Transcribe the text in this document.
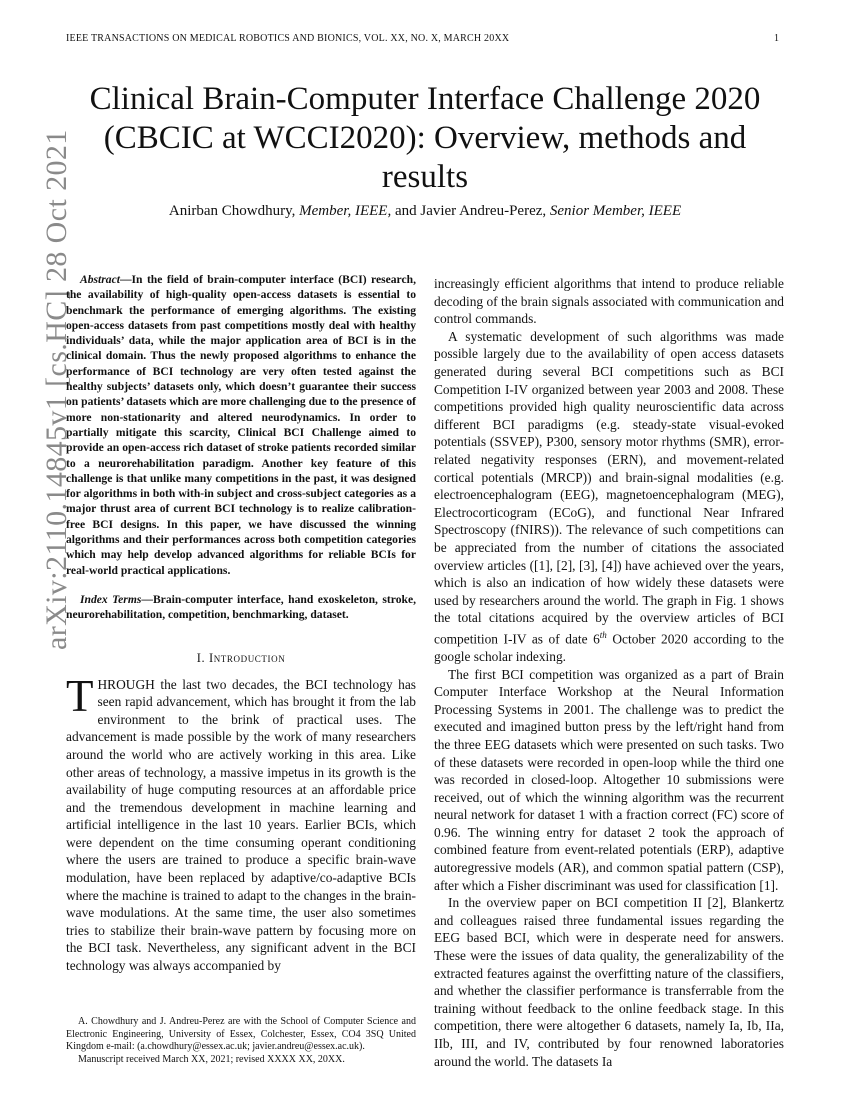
IEEE TRANSACTIONS ON MEDICAL ROBOTICS AND BIONICS, VOL. XX, NO. X, MARCH 20XX	1
arXiv:2110.14845v1 [cs.HC] 28 Oct 2021
Clinical Brain-Computer Interface Challenge 2020 (CBCIC at WCCI2020): Overview, methods and results
Anirban Chowdhury, Member, IEEE, and Javier Andreu-Perez, Senior Member, IEEE
Abstract—In the field of brain-computer interface (BCI) research, the availability of high-quality open-access datasets is essential to benchmark the performance of emerging algorithms. The existing open-access datasets from past competitions mostly deal with healthy individuals’ data, while the major application area of BCI is in the clinical domain. Thus the newly proposed algorithms to enhance the performance of BCI technology are very often tested against the healthy subjects’ datasets only, which doesn’t guarantee their success on patients’ datasets which are more challenging due to the presence of more non-stationarity and altered neurodynamics. In order to partially mitigate this scarcity, Clinical BCI Challenge aimed to provide an open-access rich dataset of stroke patients recorded similar to a neurorehabilitation paradigm. Another key feature of this challenge is that unlike many competitions in the past, it was designed for algorithms in both with-in subject and cross-subject categories as a major thrust area of current BCI technology is to realize calibration-free BCI designs. In this paper, we have discussed the winning algorithms and their performances across both competition categories which may help develop advanced algorithms for reliable BCIs for real-world practical applications.
Index Terms—Brain-computer interface, hand exoskeleton, stroke, neurorehabilitation, competition, benchmarking, dataset.
I. Introduction

THROUGH the last two decades, the BCI technology has seen rapid advancement, which has brought it from the lab environment to the brink of practical uses. The advancement is made possible by the work of many researchers around the world who are actively working in this area. Like other areas of technology, a massive impetus in its growth is the availability of huge computing resources at an affordable price and the tremendous development in machine learning and artificial intelligence in the last 10 years. Earlier BCIs, which were dependent on the time consuming operant conditioning where the users are trained to produce a specific brain-wave modulation, have been replaced by adaptive/co-adaptive BCIs where the machine is trained to adapt to the changes in the brain-wave modulations. At the same time, the user also sometimes tries to stabilize their brain-wave pattern by focusing more on the BCI task. Nevertheless, any significant advent in the BCI technology was always accompanied by

A. Chowdhury and J. Andreu-Perez are with the School of Computer Science and Electronic Engineering, University of Essex, Colchester, Essex, CO4 3SQ United Kingdom e-mail: (a.chowdhury@essex.ac.uk; javier.andreu@essex.ac.uk).

Manuscript received March XX, 2021; revised XXXX XX, 20XX.

increasingly efficient algorithms that intend to produce reliable decoding of the brain signals associated with communication and control commands.

A systematic development of such algorithms was made possible largely due to the availability of open access datasets generated during several BCI competitions such as BCI Competition I-IV organized between year 2003 and 2008. These competitions provided high quality neuroscientific data across different BCI paradigms (e.g. steady-state visual-evoked potentials (SSVEP), P300, sensory motor rhythms (SMR), error-related negativity responses (ERN), and movement-related cortical potentials (MRCP)) and brain-signal modalities (e.g. electroencephalogram (EEG), magnetoencephalogram (MEG), Electrocorticogram (ECoG), and functional Near Infrared Spectroscopy (fNIRS)). The relevance of such competitions can be appreciated from the number of citations the associated overview articles ([1], [2], [3], [4]) have achieved over the years, which is also an indication of how widely these datasets were used by researchers around the world. The graph in Fig. 1 shows the total citations acquired by the overview articles of BCI competition I-IV as of date 6th October 2020 according to the google scholar indexing.

The first BCI competition was organized as a part of Brain Computer Interface Workshop at the Neural Information Processing Systems in 2001. The challenge was to predict the executed and imagined button press by the left/right hand from the three EEG datasets which were presented on such tasks. Two of these datasets were recorded in open-loop while the third one was recorded in closed-loop. Altogether 10 submissions were received, out of which the winning algorithm was the recurrent neural network for dataset 1 with a fraction correct (FC) score of 0.96. The winning entry for dataset 2 took the approach of combined feature from event-related potentials (ERP), adaptive autoregressive models (AR), and common spatial pattern (CSP), after which a Fisher discriminant was used for classification [1].

In the overview paper on BCI competition II [2], Blankertz and colleagues raised three fundamental issues regarding the EEG based BCI, which were in desperate need for answers. These were the issues of data quality, the generalizability of the extracted features against the overfitting nature of the classifiers, and whether the classifier performance is transferrable from the training without feedback to the online feedback stage. In this competition, there were altogether 6 datasets, namely Ia, Ib, IIa, IIb, III, and IV, contributed by four renowned laboratories around the world. The datasets Ia
